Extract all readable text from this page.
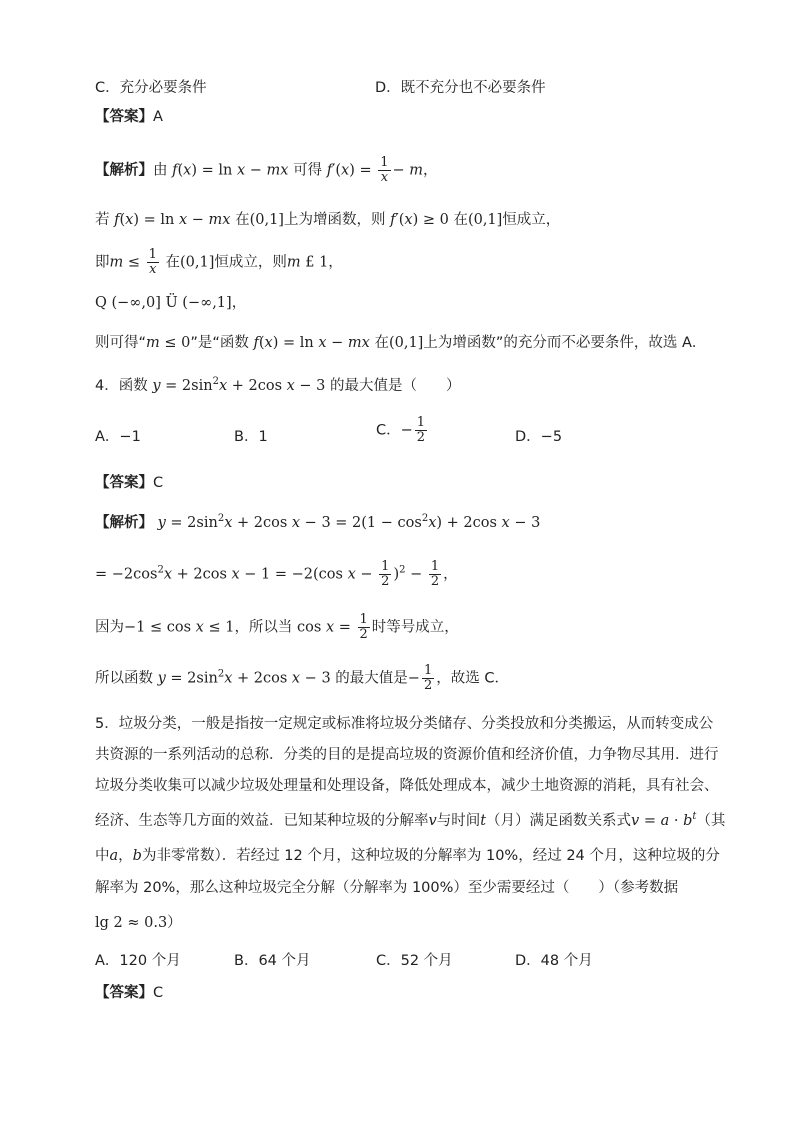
C．充分必要条件	D．既不充分也不必要条件
【答案】A
【解析】由 f(x) = ln x − mx 可得 $f'(x) = \frac{1}{x} - m$，
若 f(x) = ln x − mx 在(0,1]上为增函数，则 f′(x) ≥ 0 在(0,1]恒成立，
即$m \le \frac{1}{x}$ 在(0,1]恒成立，则m £ 1，
Q (−∞,0] Ü (−∞,1]，
则可得“m ≤ 0”是“函数 f(x) = ln x − mx 在(0,1]上为增函数”的充分而不必要条件，故选 A．
4．函数 $y = 2\sin^2x + 2\cos$ x − 3 的最大值是（　　）
A．−1	B．1	C．− $\frac{1}{2}$	D．−5
【答案】C
【解析】 $y = 2\sin^2x + 2\cos$ $x - 3 = 2(1 - \cos^2x) + 2\cos$ x − 3
= $-2\cos^2x + 2\cos$ x − 1 = −2(cos $x - \frac{1}{2} )^2 - \frac{1}{2}$ ，
因为−1 ≤ cos x ≤ 1，所以当 $\cos x = \frac{1}{2}$ 时等号成立，
所以函数 $y = 2\sin^2x + 2\cos$ x − 3 的最大值是− $\frac{1}{2}$ ，故选 C．
5．垃圾分类，一般是指按一定规定或标准将垃圾分类储存、分类投放和分类搬运，从而转变成公
共资源的一系列活动的总称．分类的目的是提高垃圾的资源价值和经济价值，力争物尽其用．进行
垃圾分类收集可以减少垃圾处理量和处理设备，降低处理成本，减少土地资源的消耗，具有社会、
经济、生态等几方面的效益．已知某种垃圾的分解率v与时间t（月）满足函数关系式$v = a \cdot b^t$（其
中a，b为非零常数）．若经过 12 个月，这种垃圾的分解率为 10%，经过 24 个月，这种垃圾的分
解率为 20%，那么这种垃圾完全分解（分解率为 100%）至少需要经过（　　）（参考数据
lg 2 ≈ 0.3）
A．120 个月	B．64 个月	C．52 个月	D．48 个月
【答案】C
